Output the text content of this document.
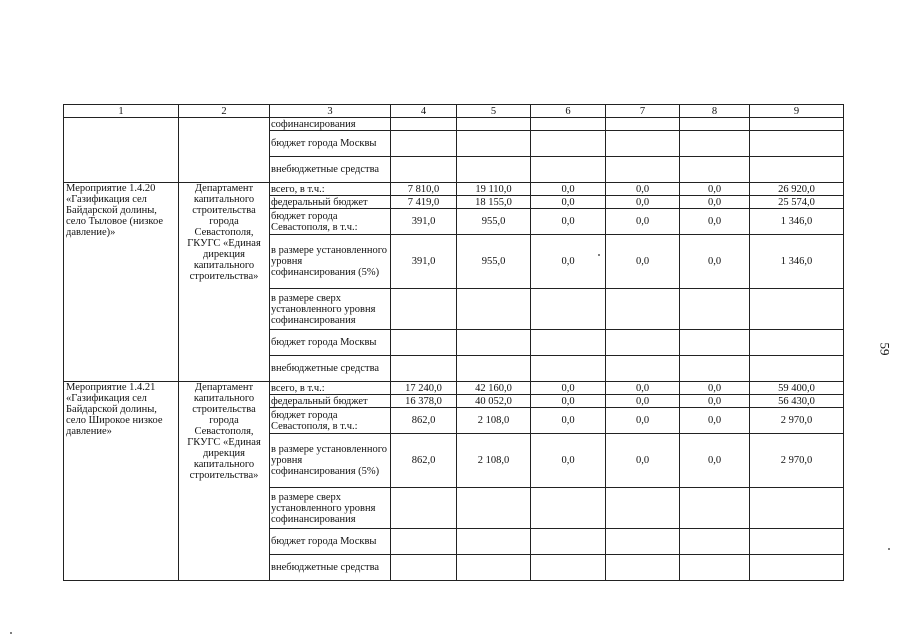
1	2	3	4	5	6	7	8	9
		софинансирования						
		бюджет города Москвы						
		внебюджетные средства						
Мероприятие 1.4.20 «Газификация сел Байдарской долины, село Тыловое (низкое давление)»	Департамент капитального строительства города Севастополя, ГКУГС «Единая дирекция капитального строительства»	всего, в т.ч.:	7 810,0	19 110,0	0,0	0,0	0,0	26 920,0
		федеральный бюджет	7 419,0	18 155,0	0,0	0,0	0,0	25 574,0
		бюджет города Севастополя, в т.ч.:	391,0	955,0	0,0	0,0	0,0	1 346,0
		в размере установленного уровня софинансирования (5%)	391,0	955,0	0,0	0,0	0,0	1 346,0
		в размере сверх установленного уровня софинансирования						
		бюджет города Москвы						
		внебюджетные средства						
Мероприятие 1.4.21 «Газификация сел Байдарской долины, село Широкое низкое давление»	Департамент капитального строительства города Севастополя, ГКУГС «Единая дирекция капитального строительства»	всего, в т.ч.:	17 240,0	42 160,0	0,0	0,0	0,0	59 400,0
		федеральный бюджет	16 378,0	40 052,0	0,0	0,0	0,0	56 430,0
		бюджет города Севастополя, в т.ч.:	862,0	2 108,0	0,0	0,0	0,0	2 970,0
		в размере установленного уровня софинансирования (5%)	862,0	2 108,0	0,0	0,0	0,0	2 970,0
		в размере сверх установленного уровня софинансирования						
		бюджет города Москвы						
		внебюджетные средства						
59
